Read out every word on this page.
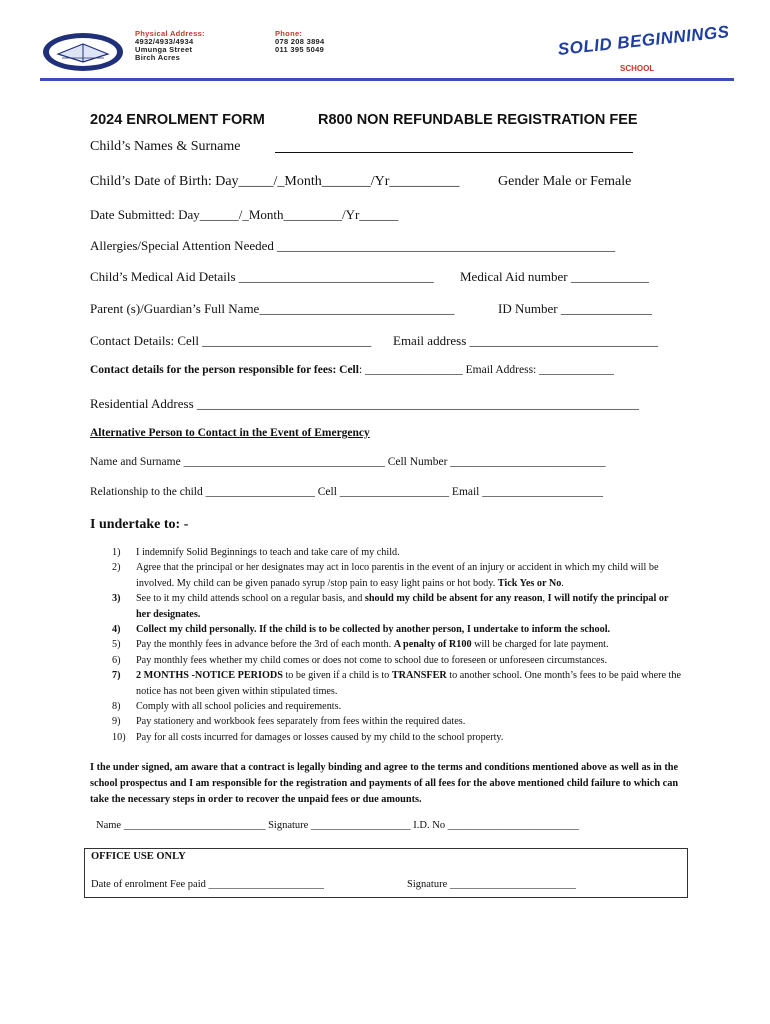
Physical Address:
4932/4933/4934
Umunga Street
Birch Acres
Phone:
078 208 3894
011 395 5049	SOLID BEGINNINGS
SCHOOL
2024 ENROLMENT FORM	R800 NON REFUNDABLE REGISTRATION FEE
Child’s Names & Surname
Child’s Date of Birth: Day_____/_Month_______/Yr__________	Gender Male or Female
Date Submitted: Day______/_Month_________/Yr______
Allergies/Special Attention Needed ____________________________________________________
Child’s Medical Aid Details ______________________________ Medical Aid number ____________
Parent (s)/Guardian’s Full Name______________________________	ID Number ______________
Contact Details: Cell __________________________ Email address _____________________________
Contact details for the person responsible for fees: Cell: _________________ Email Address: _____________
Residential Address ____________________________________________________________________
Alternative Person to Contact in the Event of Emergency
Name and Surname ___________________________________ Cell Number ___________________________
Relationship to the child ___________________ Cell ___________________ Email _____________________
I undertake to: -
1) I indemnify Solid Beginnings to teach and take care of my child.
2) Agree that the principal or her designates may act in loco parentis in the event of an injury or accident in which my child will be involved. My child can be given panado syrup /stop pain to easy light pains or hot body. Tick Yes or No.
3) See to it my child attends school on a regular basis, and should my child be absent for any reason, I will notify the principal or her designates.
4) Collect my child personally. If the child is to be collected by another person, I undertake to inform the school.
5) Pay the monthly fees in advance before the 3rd of each month. A penalty of R100 will be charged for late payment.
6) Pay monthly fees whether my child comes or does not come to school due to foreseen or unforeseen circumstances.
7) 2 MONTHS -NOTICE PERIODS to be given if a child is to TRANSFER to another school. One month’s fees to be paid where the notice has not been given within stipulated times.
8) Comply with all school policies and requirements.
9) Pay stationery and workbook fees separately from fees within the required dates.
10) Pay for all costs incurred for damages or losses caused by my child to the school property.
I the under signed, am aware that a contract is legally binding and agree to the terms and conditions mentioned above as well as in the school prospectus and I am responsible for the registration and payments of all fees for the above mentioned child failure to which can take the necessary steps in order to recover the unpaid fees or due amounts.
Name ___________________________ Signature ___________________ I.D. No _________________________
OFFICE USE ONLY
Date of enrolment Fee paid ______________________	Signature ________________________
